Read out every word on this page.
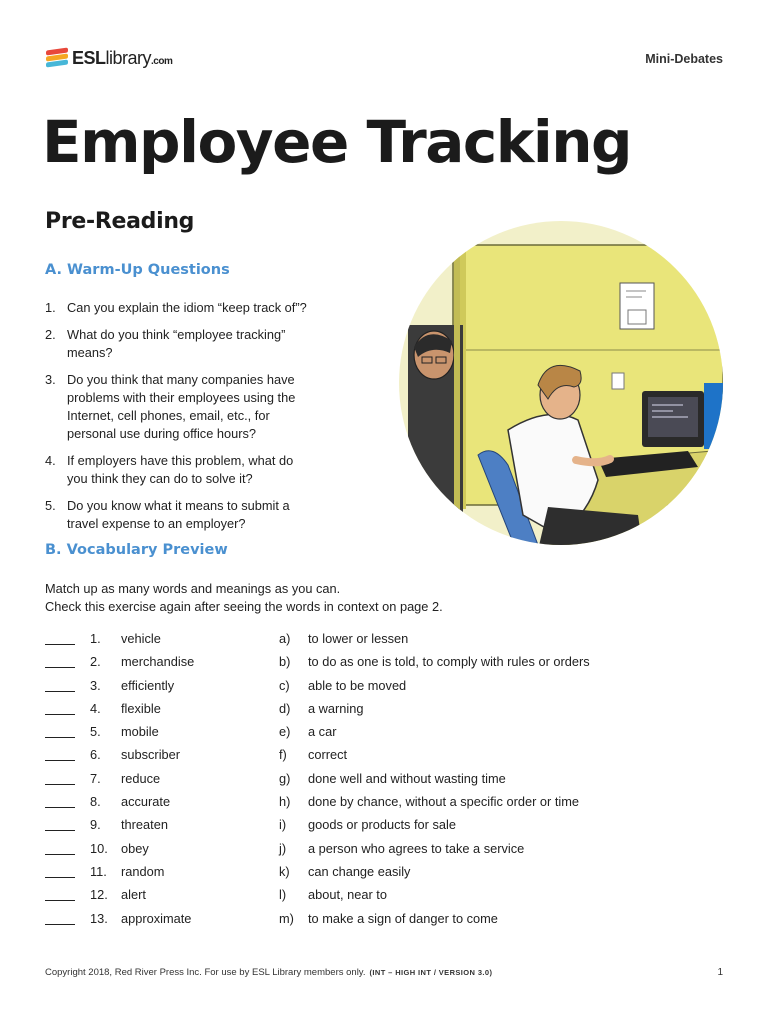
ESLlibrary.com	Mini-Debates
Employee Tracking
Pre-Reading
A. Warm-Up Questions
1. Can you explain the idiom “keep track of”?
2. What do you think “employee tracking” means?
3. Do you think that many companies have problems with their employees using the Internet, cell phones, email, etc., for personal use during office hours?
4. If employers have this problem, what do you think they can do to solve it?
5. Do you know what it means to submit a travel expense to an employer?
B. Vocabulary Preview
Match up as many words and meanings as you can.
Check this exercise again after seeing the words in context on page 2.
1. vehicle	a) to lower or lessen
2. merchandise	b) to do as one is told, to comply with rules or orders
3. efficiently	c) able to be moved
4. flexible	d) a warning
5. mobile	e) a car
6. subscriber	f) correct
7. reduce	g) done well and without wasting time
8. accurate	h) done by chance, without a specific order or time
9. threaten	i) goods or products for sale
10. obey	j) a person who agrees to take a service
11. random	k) can change easily
12. alert	l) about, near to
13. approximate	m) to make a sign of danger to come
Copyright 2018, Red River Press Inc. For use by ESL Library members only. (INT – HIGH INT / VERSION 3.0)	1
